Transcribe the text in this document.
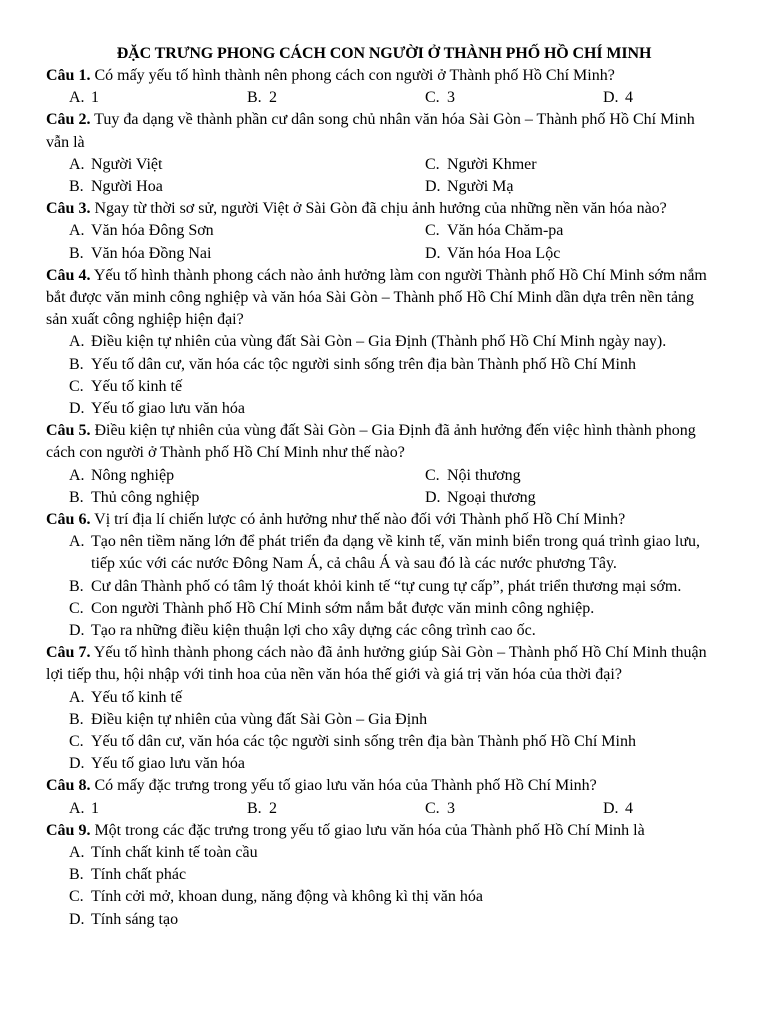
ĐẶC TRƯNG PHONG CÁCH CON NGƯỜI Ở THÀNH PHỐ HỒ CHÍ MINH

Câu 1. Có mấy yếu tố hình thành nên phong cách con người ở Thành phố Hồ Chí Minh?

A. 1	B. 2	C. 3	D. 4

Câu 2. Tuy đa dạng về thành phần cư dân song chủ nhân văn hóa Sài Gòn – Thành phố Hồ Chí Minh vẫn là

A. Người Việt	C. Người Khmer
B. Người Hoa	D. Người Mạ

Câu 3. Ngay từ thời sơ sử, người Việt ở Sài Gòn đã chịu ảnh hưởng của những nền văn hóa nào?

A. Văn hóa Đông Sơn	C. Văn hóa Chăm-pa
B. Văn hóa Đồng Nai	D. Văn hóa Hoa Lộc

Câu 4. Yếu tố hình thành phong cách nào ảnh hưởng làm con người Thành phố Hồ Chí Minh sớm nắm bắt được văn minh công nghiệp và văn hóa Sài Gòn – Thành phố Hồ Chí Minh dần dựa trên nền tảng sản xuất công nghiệp hiện đại?

A. Điều kiện tự nhiên của vùng đất Sài Gòn – Gia Định (Thành phố Hồ Chí Minh ngày nay).

B. Yếu tố dân cư, văn hóa các tộc người sinh sống trên địa bàn Thành phố Hồ Chí Minh

C. Yếu tố kinh tế

D. Yếu tố giao lưu văn hóa

Câu 5. Điều kiện tự nhiên của vùng đất Sài Gòn – Gia Định đã ảnh hưởng đến việc hình thành phong cách con người ở Thành phố Hồ Chí Minh như thế nào?

A. Nông nghiệp	C. Nội thương
B. Thủ công nghiệp	D. Ngoại thương

Câu 6. Vị trí địa lí chiến lược có ảnh hưởng như thế nào đối với Thành phố Hồ Chí Minh?

A. Tạo nên tiềm năng lớn để phát triển đa dạng về kinh tế, văn minh biển trong quá trình giao lưu, tiếp xúc với các nước Đông Nam Á, cả châu Á và sau đó là các nước phương Tây.

B. Cư dân Thành phố có tâm lý thoát khỏi kinh tế “tự cung tự cấp”, phát triển thương mại sớm.

C. Con người Thành phố Hồ Chí Minh sớm nắm bắt được văn minh công nghiệp.

D. Tạo ra những điều kiện thuận lợi cho xây dựng các công trình cao ốc.

Câu 7. Yếu tố hình thành phong cách nào đã ảnh hưởng giúp Sài Gòn – Thành phố Hồ Chí Minh thuận lợi tiếp thu, hội nhập với tinh hoa của nền văn hóa thế giới và giá trị văn hóa của thời đại?

A. Yếu tố kinh tế

B. Điều kiện tự nhiên của vùng đất Sài Gòn – Gia Định

C. Yếu tố dân cư, văn hóa các tộc người sinh sống trên địa bàn Thành phố Hồ Chí Minh

D. Yếu tố giao lưu văn hóa

Câu 8. Có mấy đặc trưng trong yếu tố giao lưu văn hóa của Thành phố Hồ Chí Minh?

A. 1	B. 2	C. 3	D. 4

Câu 9. Một trong các đặc trưng trong yếu tố giao lưu văn hóa của Thành phố Hồ Chí Minh là

A. Tính chất kinh tế toàn cầu

B. Tính chất phác

C. Tính cởi mở, khoan dung, năng động và không kì thị văn hóa

D. Tính sáng tạo
